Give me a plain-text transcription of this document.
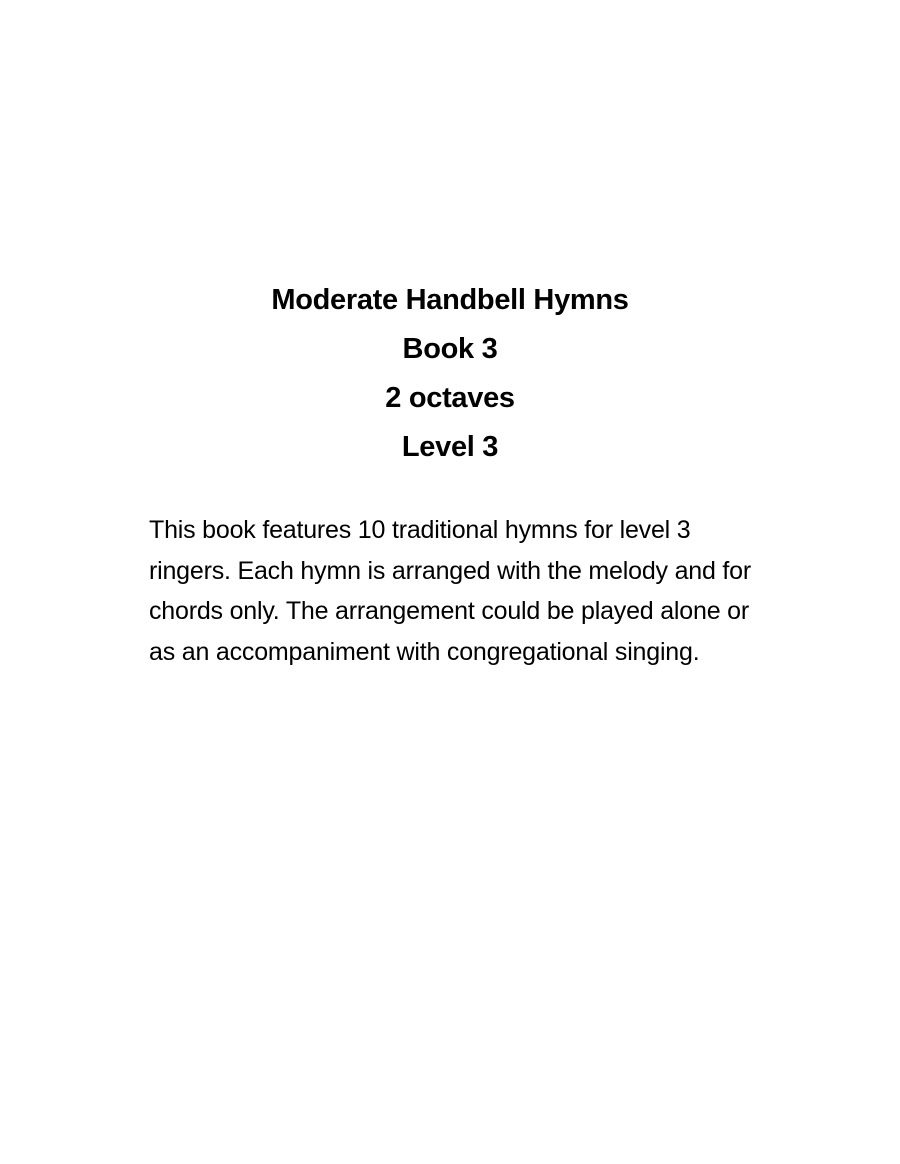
Moderate Handbell Hymns

Book 3

2 octaves

Level 3

This book features 10 traditional hymns for level 3 ringers. Each hymn is arranged with the melody and for chords only. The arrangement could be played alone or as an accompaniment with congregational singing.
